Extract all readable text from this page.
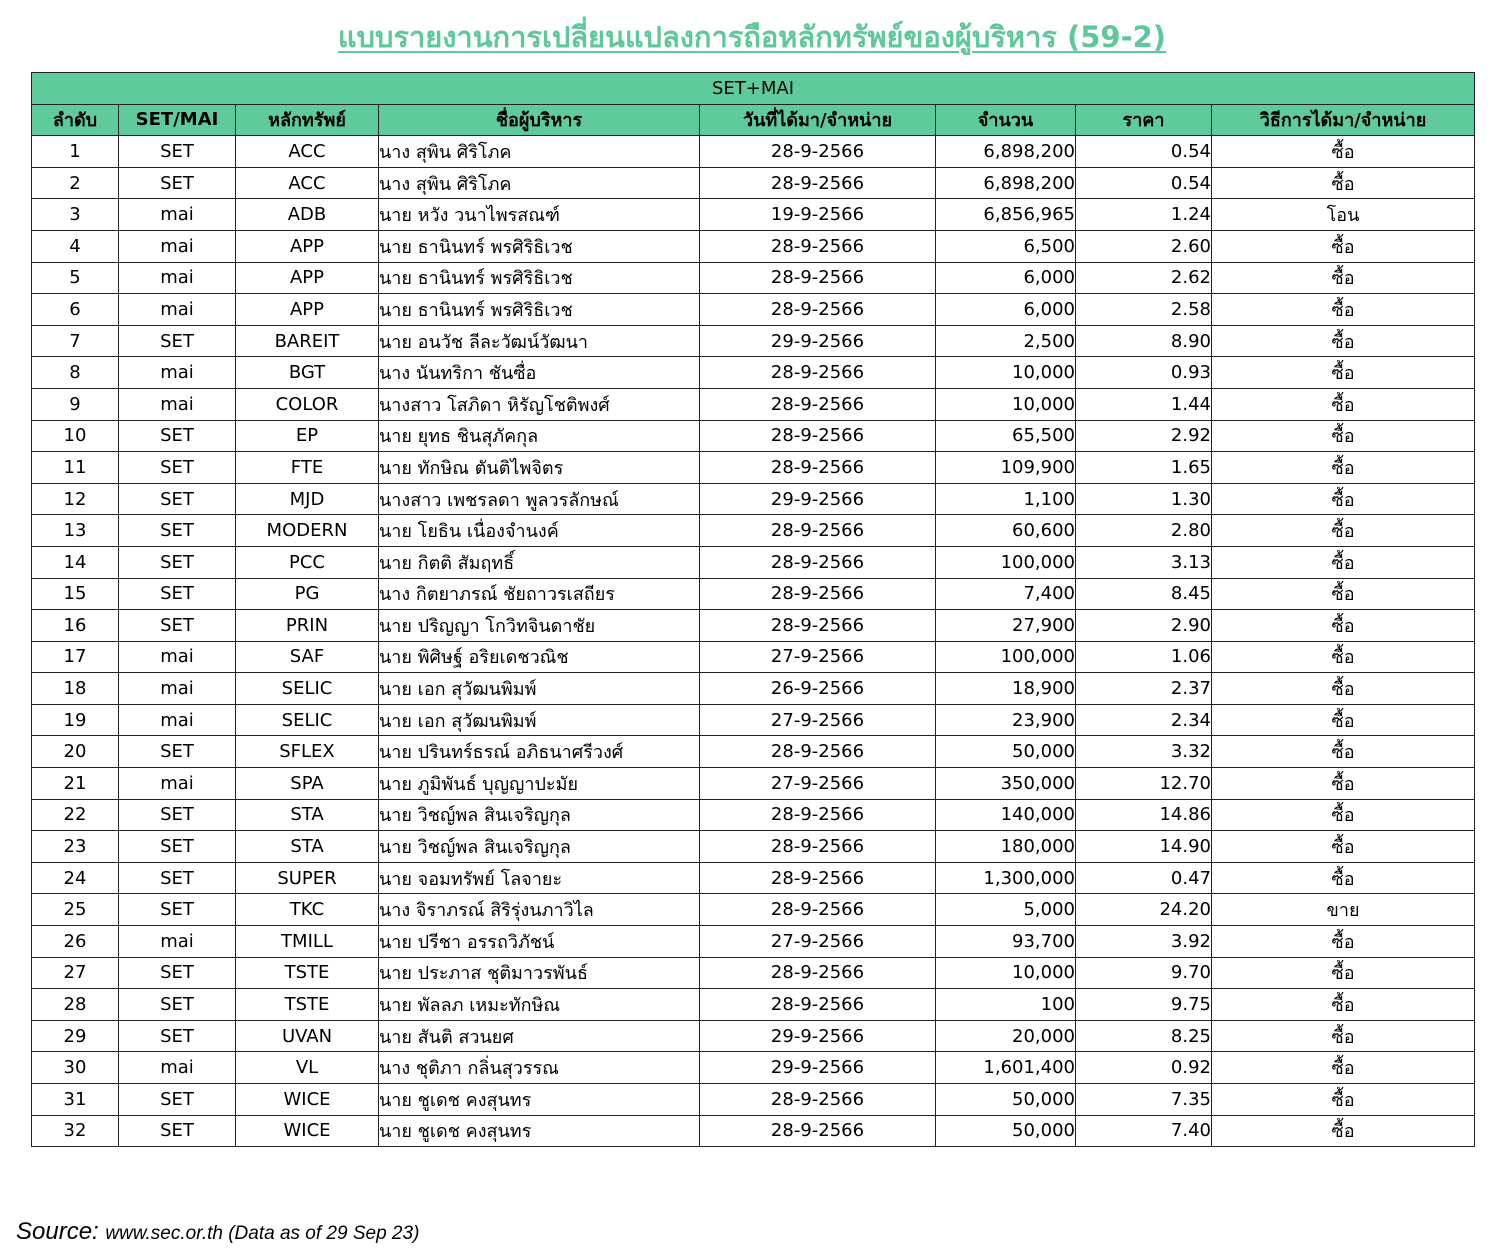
แบบรายงานการเปลี่ยนแปลงการถือหลักทรัพย์ของผู้บริหาร (59-2)
SET+MAI							
ลำดับ	SET/MAI	หลักทรัพย์	ชื่อผู้บริหาร	วันที่ได้มา/จำหน่าย	จำนวน	ราคา	วิธีการได้มา/จำหน่าย
1	SET	ACC	นาง สุพิน ศิริโภค	28-9-2566	6,898,200	0.54	ซื้อ
2	SET	ACC	นาง สุพิน ศิริโภค	28-9-2566	6,898,200	0.54	ซื้อ
3	mai	ADB	นาย หวัง วนาไพรสณฑ์	19-9-2566	6,856,965	1.24	โอน
4	mai	APP	นาย ธานินทร์ พรศิริธิเวช	28-9-2566	6,500	2.60	ซื้อ
5	mai	APP	นาย ธานินทร์ พรศิริธิเวช	28-9-2566	6,000	2.62	ซื้อ
6	mai	APP	นาย ธานินทร์ พรศิริธิเวช	28-9-2566	6,000	2.58	ซื้อ
7	SET	BAREIT	นาย อนวัช ลีละวัฒน์วัฒนา	29-9-2566	2,500	8.90	ซื้อ
8	mai	BGT	นาง นันทริกา ชันซื่อ	28-9-2566	10,000	0.93	ซื้อ
9	mai	COLOR	นางสาว โสภิดา หิรัญโชติพงศ์	28-9-2566	10,000	1.44	ซื้อ
10	SET	EP	นาย ยุทธ ชินสุภัคกุล	28-9-2566	65,500	2.92	ซื้อ
11	SET	FTE	นาย ทักษิณ ตันติไพจิตร	28-9-2566	109,900	1.65	ซื้อ
12	SET	MJD	นางสาว เพชรลดา พูลวรลักษณ์	29-9-2566	1,100	1.30	ซื้อ
13	SET	MODERN	นาย โยธิน เนื่องจำนงค์	28-9-2566	60,600	2.80	ซื้อ
14	SET	PCC	นาย กิตติ สัมฤทธิ์	28-9-2566	100,000	3.13	ซื้อ
15	SET	PG	นาง กิตยาภรณ์ ชัยถาวรเสถียร	28-9-2566	7,400	8.45	ซื้อ
16	SET	PRIN	นาย ปริญญา โกวิทจินดาชัย	28-9-2566	27,900	2.90	ซื้อ
17	mai	SAF	นาย พิศิษฐ์ อริยเดชวณิช	27-9-2566	100,000	1.06	ซื้อ
18	mai	SELIC	นาย เอก สุวัฒนพิมพ์	26-9-2566	18,900	2.37	ซื้อ
19	mai	SELIC	นาย เอก สุวัฒนพิมพ์	27-9-2566	23,900	2.34	ซื้อ
20	SET	SFLEX	นาย ปรินทร์ธรณ์ อภิธนาศรีวงศ์	28-9-2566	50,000	3.32	ซื้อ
21	mai	SPA	นาย ภูมิพันธ์ บุญญาปะมัย	27-9-2566	350,000	12.70	ซื้อ
22	SET	STA	นาย วิชญ์พล สินเจริญกุล	28-9-2566	140,000	14.86	ซื้อ
23	SET	STA	นาย วิชญ์พล สินเจริญกุล	28-9-2566	180,000	14.90	ซื้อ
24	SET	SUPER	นาย จอมทรัพย์ โลจายะ	28-9-2566	1,300,000	0.47	ซื้อ
25	SET	TKC	นาง จิราภรณ์ สิริรุ่งนภาวิไล	28-9-2566	5,000	24.20	ขาย
26	mai	TMILL	นาย ปรีชา อรรถวิภัชน์	27-9-2566	93,700	3.92	ซื้อ
27	SET	TSTE	นาย ประภาส ชุติมาวรพันธ์	28-9-2566	10,000	9.70	ซื้อ
28	SET	TSTE	นาย พัลลภ เหมะทักษิณ	28-9-2566	100	9.75	ซื้อ
29	SET	UVAN	นาย สันติ สวนยศ	29-9-2566	20,000	8.25	ซื้อ
30	mai	VL	นาง ชุติภา กลิ่นสุวรรณ	29-9-2566	1,601,400	0.92	ซื้อ
31	SET	WICE	นาย ชูเดช คงสุนทร	28-9-2566	50,000	7.35	ซื้อ
32	SET	WICE	นาย ชูเดช คงสุนทร	28-9-2566	50,000	7.40	ซื้อ
Source: www.sec.or.th (Data as of 29 Sep 23)
